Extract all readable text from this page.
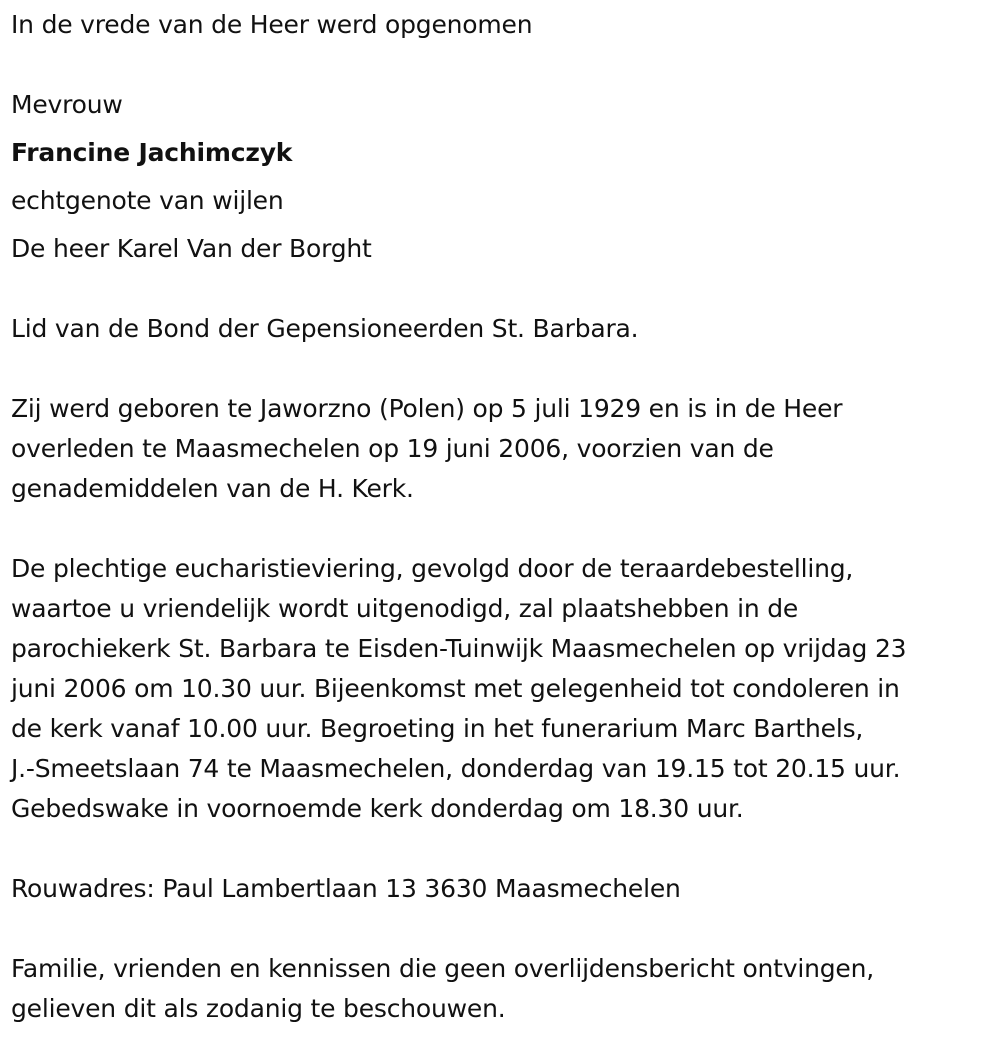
In de vrede van de Heer werd opgenomen
Mevrouw
Francine Jachimczyk
echtgenote van wijlen
De heer Karel Van der Borght
Lid van de Bond der Gepensioneerden St. Barbara.
Zij werd geboren te Jaworzno (Polen) op 5 juli 1929 en is in de Heer
overleden te Maasmechelen op 19 juni 2006, voorzien van de
genademiddelen van de H. Kerk.
De plechtige eucharistieviering, gevolgd door de teraardebestelling,
waartoe u vriendelijk wordt uitgenodigd, zal plaatshebben in de
parochiekerk St. Barbara te Eisden-Tuinwijk Maasmechelen op vrijdag 23
juni 2006 om 10.30 uur. Bijeenkomst met gelegenheid tot condoleren in
de kerk vanaf 10.00 uur. Begroeting in het funerarium Marc Barthels,
J.-Smeetslaan 74 te Maasmechelen, donderdag van 19.15 tot 20.15 uur.
Gebedswake in voornoemde kerk donderdag om 18.30 uur.
Rouwadres: Paul Lambertlaan 13 3630 Maasmechelen
Familie, vrienden en kennissen die geen overlijdensbericht ontvingen,
gelieven dit als zodanig te beschouwen.
